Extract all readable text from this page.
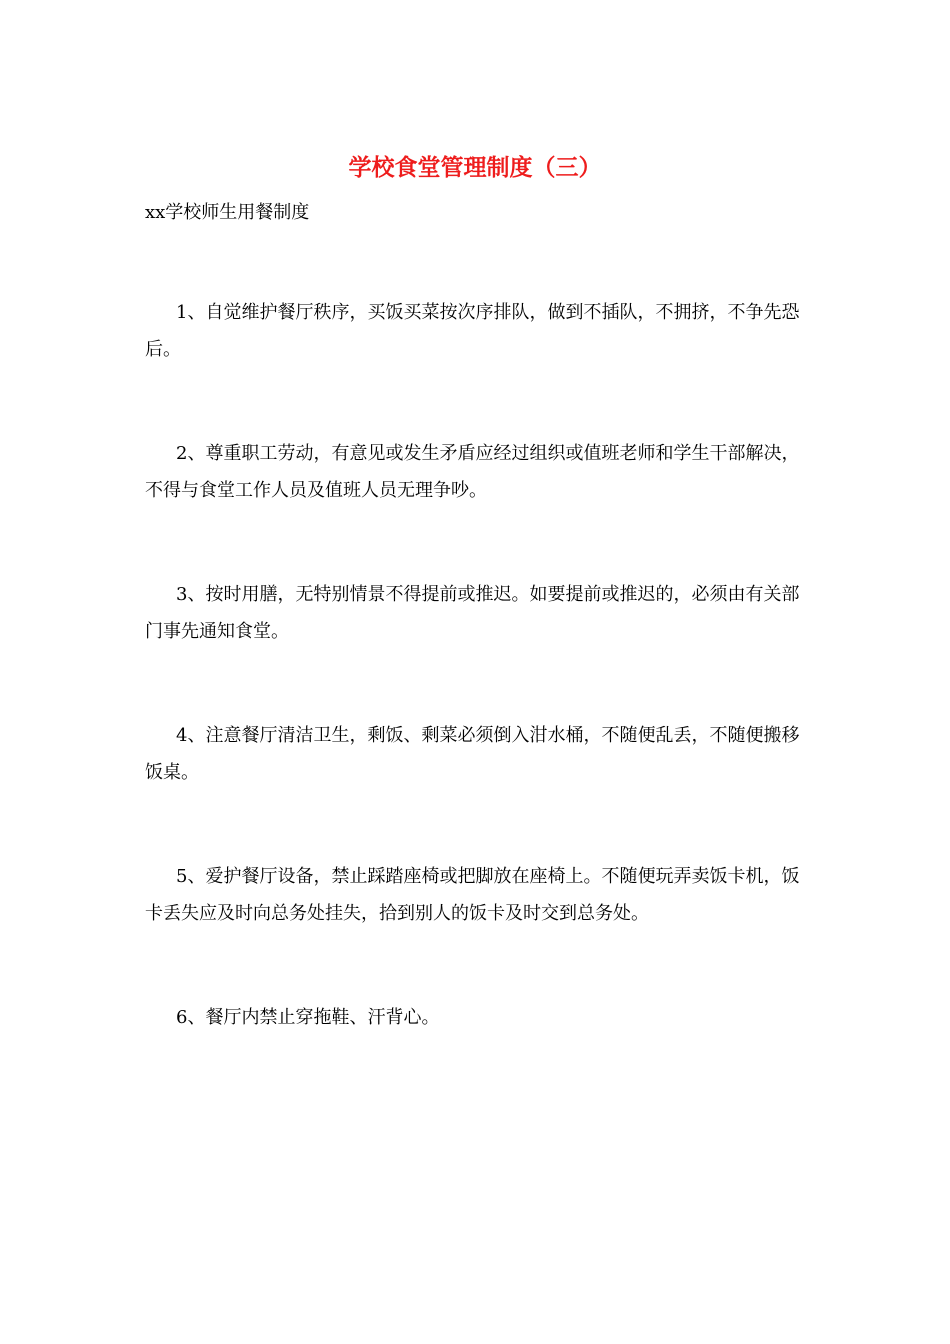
学校食堂管理制度（三）
xx学校师生用餐制度
1、自觉维护餐厅秩序，买饭买菜按次序排队，做到不插队，不拥挤，不争先恐后。
2、尊重职工劳动，有意见或发生矛盾应经过组织或值班老师和学生干部解决，不得与食堂工作人员及值班人员无理争吵。
3、按时用膳，无特别情景不得提前或推迟。如要提前或推迟的，必须由有关部门事先通知食堂。
4、注意餐厅清洁卫生，剩饭、剩菜必须倒入泔水桶，不随便乱丢，不随便搬移饭桌。
5、爱护餐厅设备，禁止踩踏座椅或把脚放在座椅上。不随便玩弄卖饭卡机，饭卡丢失应及时向总务处挂失，拾到别人的饭卡及时交到总务处。
6、餐厅内禁止穿拖鞋、汗背心。
